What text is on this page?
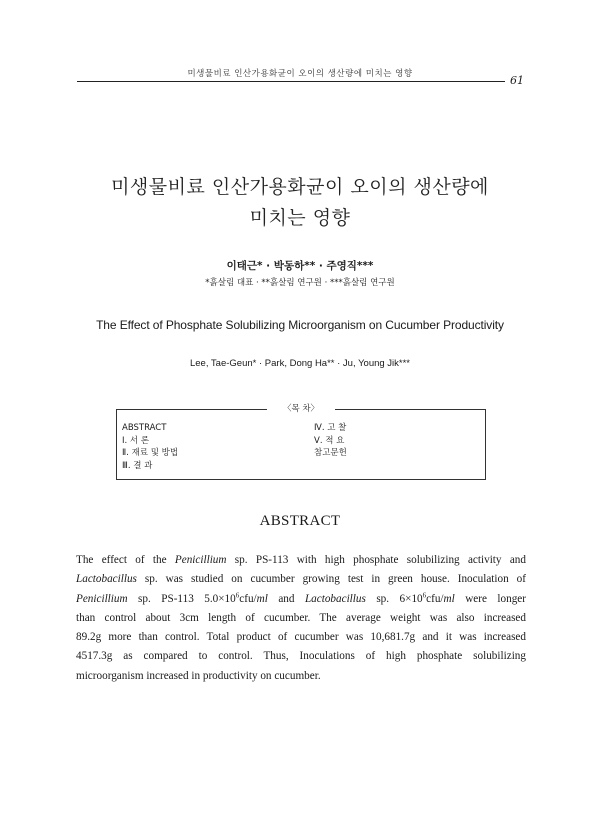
미생물비료 인산가용화균이 오이의 생산량에 미치는 영향	61
미생물비료 인산가용화균이 오이의 생산량에
미치는 영향
이태근* · 박동하** · 주영직***
*흙살림 대표 · **흙살림 연구원 · ***흙살림 연구원
The Effect of Phosphate Solubilizing Microorganism on Cucumber Productivity
Lee, Tae-Geun* · Park, Dong Ha** · Ju, Young Jik***
〈목 차〉
ABSTRACT
Ⅰ. 서 론
Ⅱ. 재료 및 방법
Ⅲ. 결 과
Ⅳ. 고 찰
Ⅴ. 적 요
참고문헌
ABSTRACT
The effect of the Penicillium sp. PS-113 with high phosphate solubilizing activity and
Lactobacillus sp. was studied on cucumber growing test in green house. Inoculation of
Penicillium sp. PS-113 $5.0\times 10^6cfu/ml$ and Lactobacillus sp. $6\times 10^6cfu/ml$ were longer
than control about 3cm length of cucumber. The average weight was also increased
89.2g more than control. Total product of cucumber was 10,681.7g and it was increased
4517.3g as compared to control. Thus, Inoculations of high phosphate solubilizing
microorganism increased in productivity on cucumber.
